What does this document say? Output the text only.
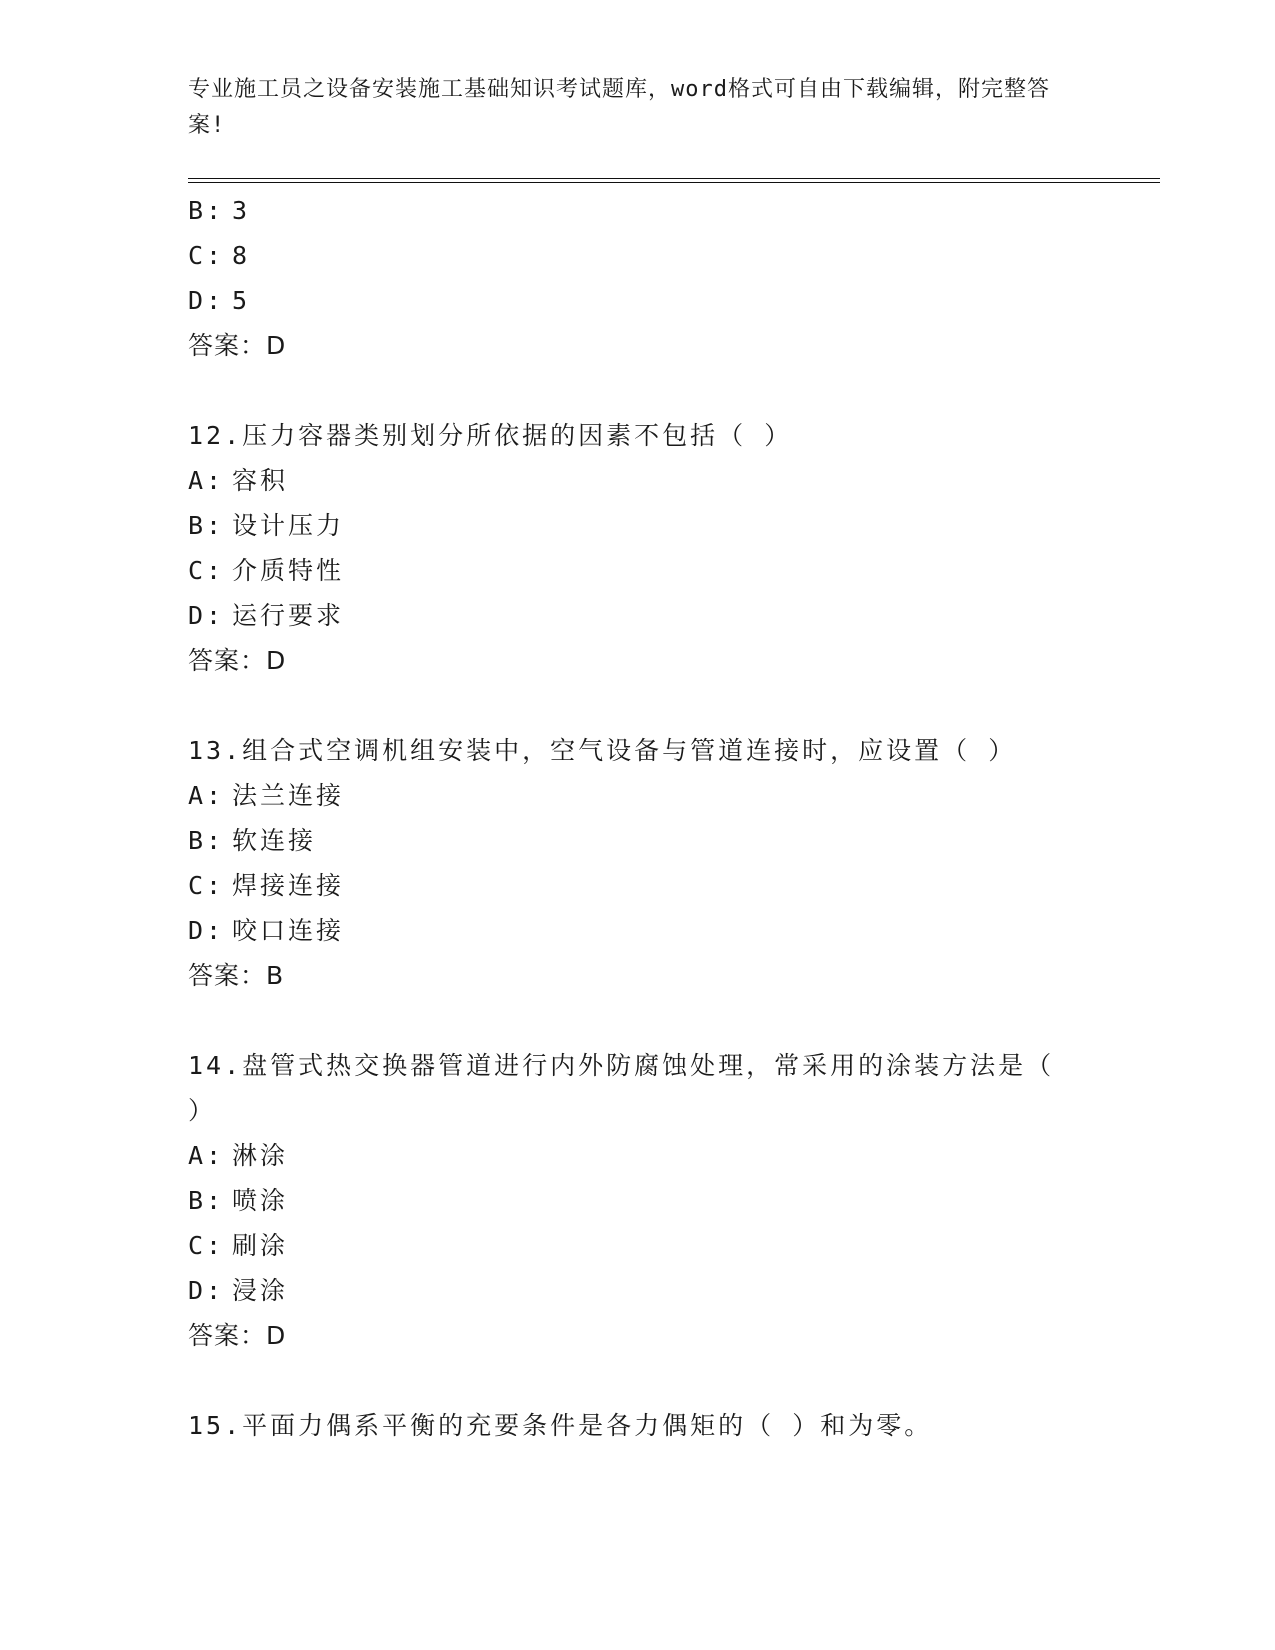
专业施工员之设备安装施工基础知识考试题库，word格式可自由下载编辑，附完整答案!
B: 3
C: 8
D: 5
答案：D
12.压力容器类别划分所依据的因素不包括（ ）
A: 容积
B: 设计压力
C: 介质特性
D: 运行要求
答案：D
13.组合式空调机组安装中，空气设备与管道连接时，应设置（ ）
A: 法兰连接
B: 软连接
C: 焊接连接
D: 咬口连接
答案：B
14.盘管式热交换器管道进行内外防腐蚀处理，常采用的涂装方法是（
）
A: 淋涂
B: 喷涂
C: 刷涂
D: 浸涂
答案：D
15.平面力偶系平衡的充要条件是各力偶矩的（ ）和为零。
